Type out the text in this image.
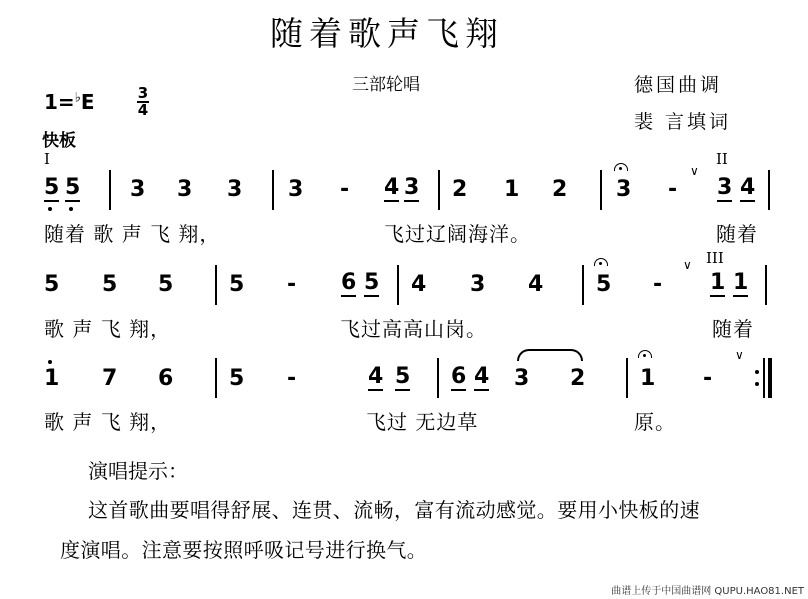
随着歌声飞翔
三部轮唱	德国曲调
裴 言填词
1=♭E	3
4
快板
I	II
III
5 5 3 3 3 3 - 4 3 2 1 2 3 -
∨
3 4
随着 歌 声 飞 翔，	飞过辽阔海洋。	随着
5 5 5	5 - 6 5 4 3 4 5 -
∨
1 1
歌 声 飞 翔，	飞过高高山岗。	随着
1 7 6	5 -	4 5 6 4 3 2 1 -
∨
歌 声 飞 翔，	飞过 无边草	原。
演唱提示：
这首歌曲要唱得舒展、连贯、流畅，富有流动感觉。要用小快板的速
度演唱。注意要按照呼吸记号进行换气。
曲谱上传于中国曲谱网 QUPU.HAO81.NET
